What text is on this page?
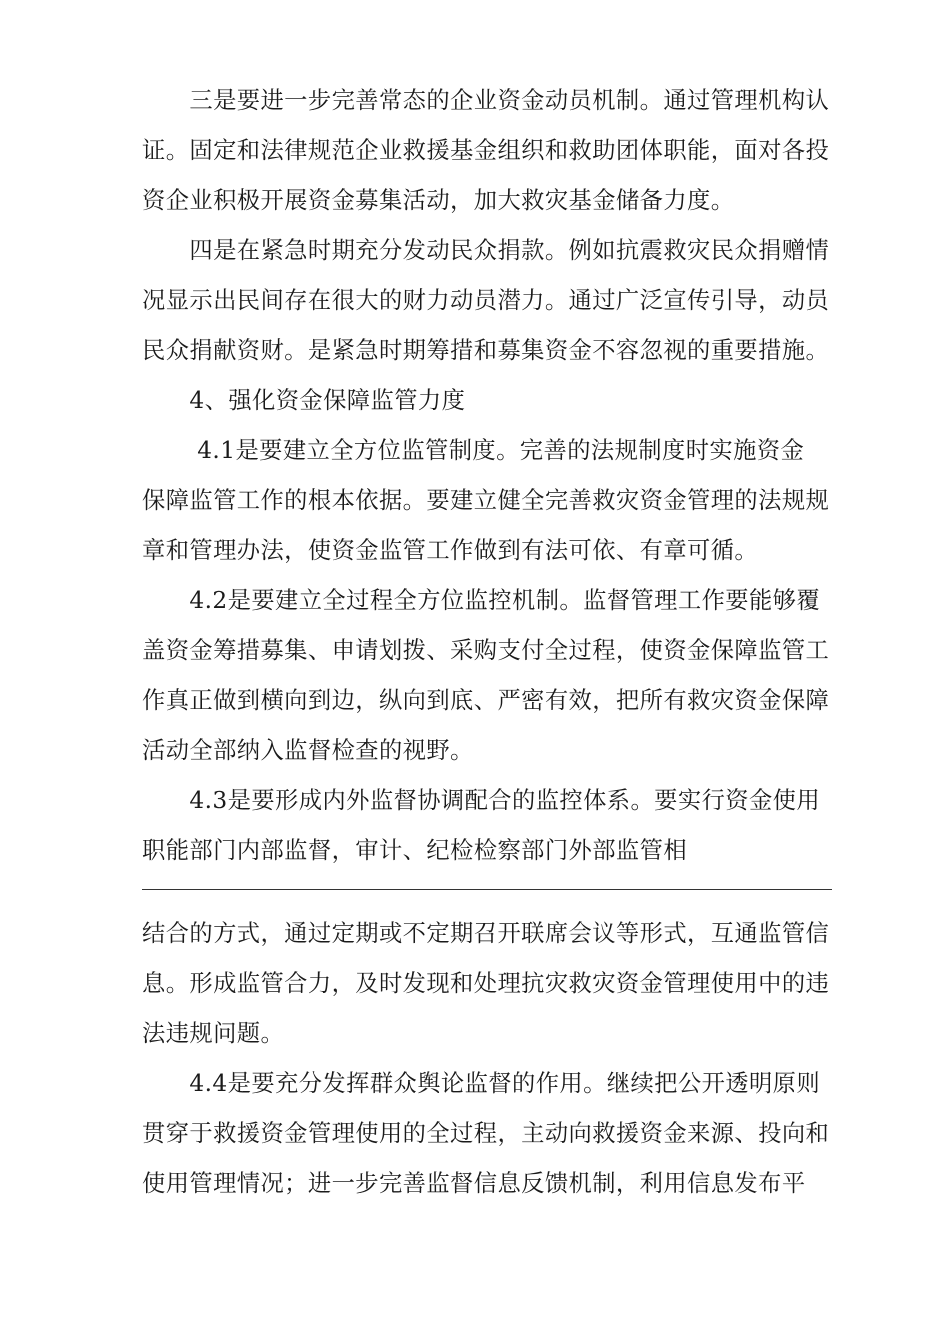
　　三是要进一步完善常态的企业资金动员机制。通过管理机构认
证。固定和法律规范企业救援基金组织和救助团体职能，面对各投
资企业积极开展资金募集活动，加大救灾基金储备力度。
　　四是在紧急时期充分发动民众捐款。例如抗震救灾民众捐赠情
况显示出民间存在很大的财力动员潜力。通过广泛宣传引导，动员
民众捐献资财。是紧急时期筹措和募集资金不容忽视的重要措施。
　　4、强化资金保障监管力度
　　 4.1是要建立全方位监管制度。完善的法规制度时实施资金
保障监管工作的根本依据。要建立健全完善救灾资金管理的法规规
章和管理办法，使资金监管工作做到有法可依、有章可循。
　　4.2是要建立全过程全方位监控机制。监督管理工作要能够覆
盖资金筹措募集、申请划拨、采购支付全过程，使资金保障监管工
作真正做到横向到边，纵向到底、严密有效，把所有救灾资金保障
活动全部纳入监督检查的视野。
　　4.3是要形成内外监督协调配合的监控体系。要实行资金使用
职能部门内部监督，审计、纪检检察部门外部监管相
结合的方式，通过定期或不定期召开联席会议等形式，互通监管信
息。形成监管合力，及时发现和处理抗灾救灾资金管理使用中的违
法违规问题。
　　4.4是要充分发挥群众舆论监督的作用。继续把公开透明原则
贯穿于救援资金管理使用的全过程，主动向救援资金来源、投向和
使用管理情况；进一步完善监督信息反馈机制，利用信息发布平
